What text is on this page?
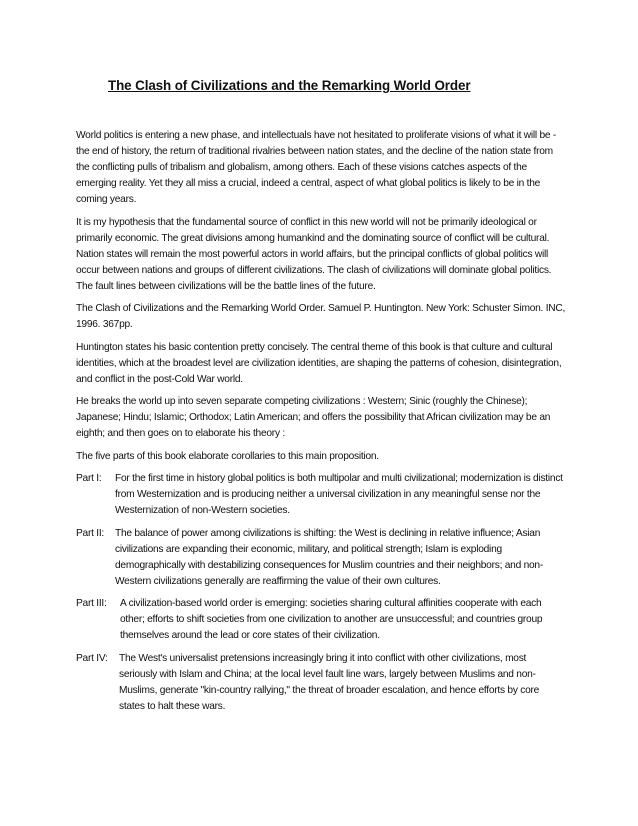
The Clash of Civilizations and the Remarking World Order

World politics is entering a new phase, and intellectuals have not hesitated to proliferate visions of what it will be - the end of history, the return of traditional rivalries between nation states, and the decline of the nation state from the conflicting pulls of tribalism and globalism, among others. Each of these visions catches aspects of the emerging reality. Yet they all miss a crucial, indeed a central, aspect of what global politics is likely to be in the coming years.

It is my hypothesis that the fundamental source of conflict in this new world will not be primarily ideological or primarily economic. The great divisions among humankind and the dominating source of conflict will be cultural. Nation states will remain the most powerful actors in world affairs, but the principal conflicts of global politics will occur between nations and groups of different civilizations. The clash of civilizations will dominate global politics. The fault lines between civilizations will be the battle lines of the future.

The Clash of Civilizations and the Remarking World Order. Samuel P. Huntington. New York: Schuster Simon. INC, 1996. 367pp.

Huntington states his basic contention pretty concisely. The central theme of this book is that culture and cultural identities, which at the broadest level are civilization identities, are shaping the patterns of cohesion, disintegration, and conflict in the post-Cold War world.

He breaks the world up into seven separate competing civilizations : Western; Sinic (roughly the Chinese); Japanese; Hindu; Islamic; Orthodox; Latin American; and offers the possibility that African civilization may be an eighth; and then goes on to elaborate his theory :

The five parts of this book elaborate corollaries to this main proposition.

Part I:	For the first time in history global politics is both multipolar and multi civilizational; modernization is distinct from Westernization and is producing neither a universal civilization in any meaningful sense nor the Westernization of non-Western societies.
Part II:	The balance of power among civilizations is shifting: the West is declining in relative influence; Asian civilizations are expanding their economic, military, and political strength; Islam is exploding demographically with destabilizing consequences for Muslim countries and their neighbors; and non-Western civilizations generally are reaffirming the value of their own cultures.
Part III:	A civilization-based world order is emerging: societies sharing cultural affinities cooperate with each other; efforts to shift societies from one civilization to another are unsuccessful; and countries group themselves around the lead or core states of their civilization.
Part IV:	The West's universalist pretensions increasingly bring it into conflict with other civilizations, most seriously with Islam and China; at the local level fault line wars, largely between Muslims and non-Muslims, generate "kin-country rallying," the threat of broader escalation, and hence efforts by core states to halt these wars.
